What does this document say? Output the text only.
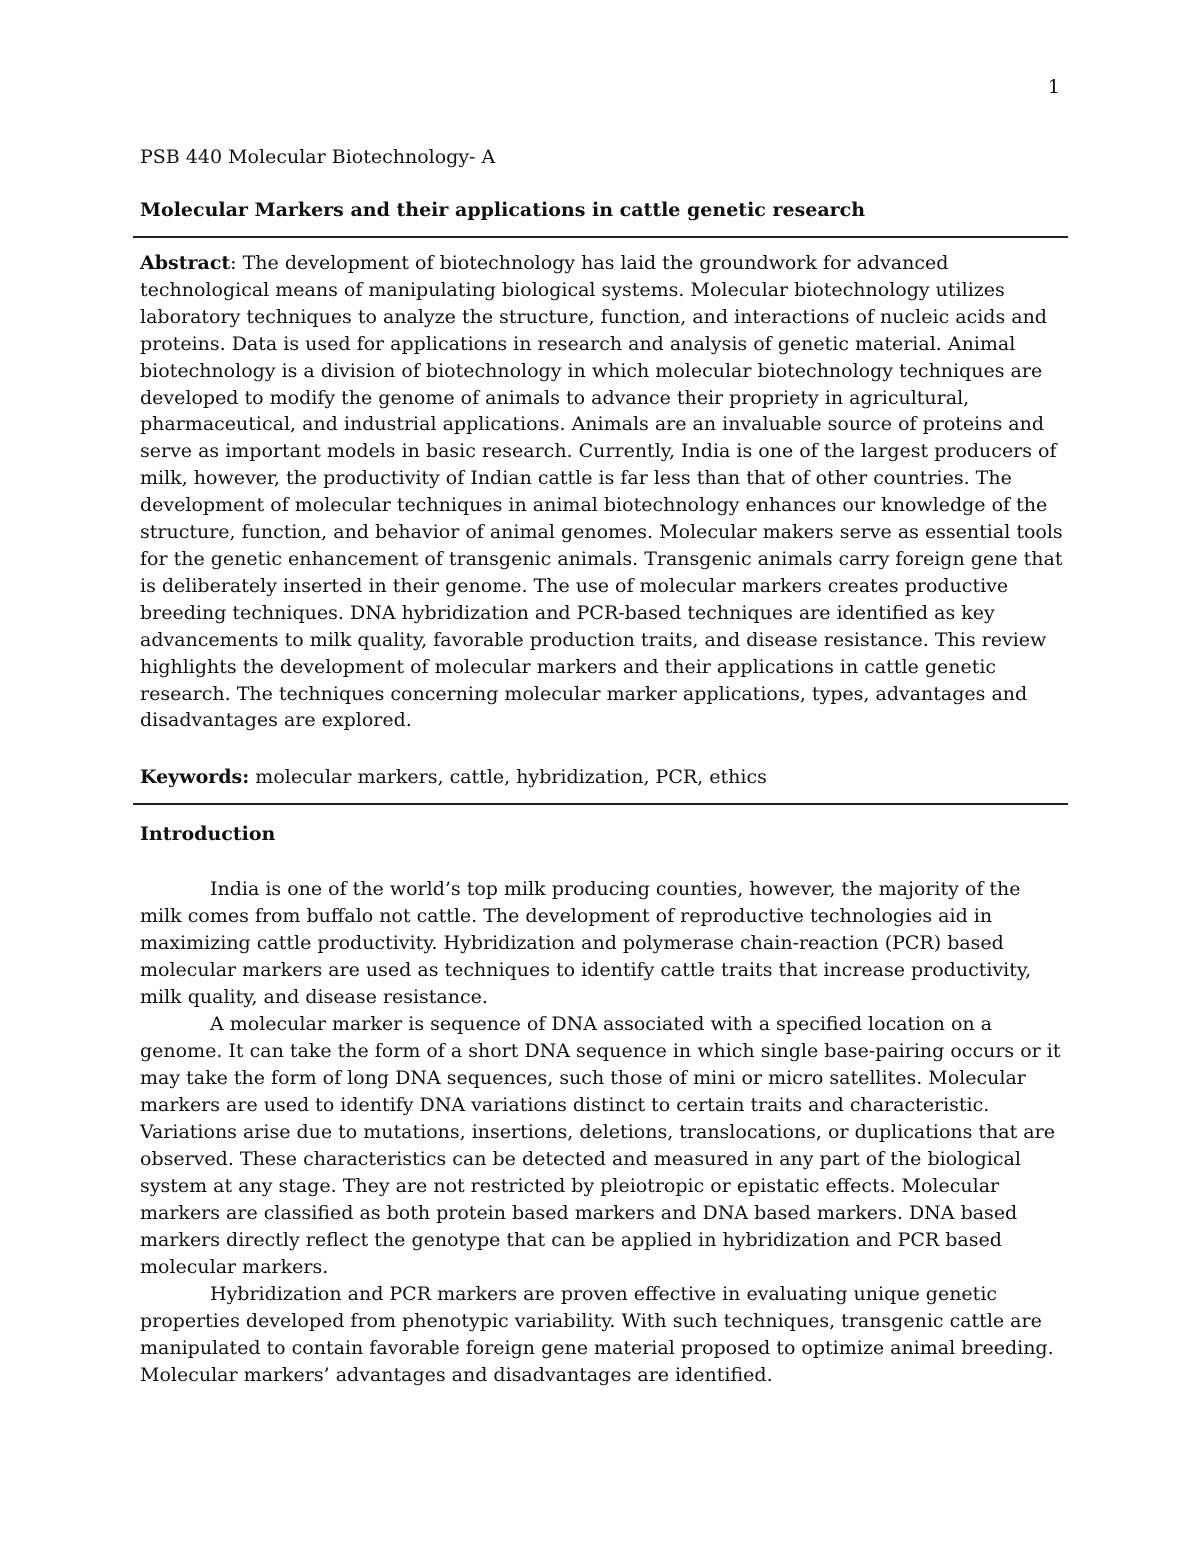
1
PSB 440 Molecular Biotechnology- A
Molecular Markers and their applications in cattle genetic research

Abstract: The development of biotechnology has laid the groundwork for advanced technological means of manipulating biological systems. Molecular biotechnology utilizes laboratory techniques to analyze the structure, function, and interactions of nucleic acids and proteins. Data is used for applications in research and analysis of genetic material. Animal biotechnology is a division of biotechnology in which molecular biotechnology techniques are developed to modify the genome of animals to advance their propriety in agricultural, pharmaceutical, and industrial applications. Animals are an invaluable source of proteins and serve as important models in basic research. Currently, India is one of the largest producers of milk, however, the productivity of Indian cattle is far less than that of other countries. The development of molecular techniques in animal biotechnology enhances our knowledge of the structure, function, and behavior of animal genomes. Molecular makers serve as essential tools for the genetic enhancement of transgenic animals. Transgenic animals carry foreign gene that is deliberately inserted in their genome. The use of molecular markers creates productive breeding techniques. DNA hybridization and PCR-based techniques are identified as key advancements to milk quality, favorable production traits, and disease resistance. This review highlights the development of molecular markers and their applications in cattle genetic research. The techniques concerning molecular marker applications, types, advantages and disadvantages are explored.

Keywords: molecular markers, cattle, hybridization, PCR, ethics

Introduction

India is one of the world’s top milk producing counties, however, the majority of the milk comes from buffalo not cattle. The development of reproductive technologies aid in maximizing cattle productivity. Hybridization and polymerase chain-reaction (PCR) based molecular markers are used as techniques to identify cattle traits that increase productivity, milk quality, and disease resistance.

A molecular marker is sequence of DNA associated with a specified location on a genome. It can take the form of a short DNA sequence in which single base-pairing occurs or it may take the form of long DNA sequences, such those of mini or micro satellites. Molecular markers are used to identify DNA variations distinct to certain traits and characteristic. Variations arise due to mutations, insertions, deletions, translocations, or duplications that are observed. These characteristics can be detected and measured in any part of the biological system at any stage. They are not restricted by pleiotropic or epistatic effects. Molecular markers are classified as both protein based markers and DNA based markers. DNA based markers directly reflect the genotype that can be applied in hybridization and PCR based molecular markers.

Hybridization and PCR markers are proven effective in evaluating unique genetic properties developed from phenotypic variability. With such techniques, transgenic cattle are manipulated to contain favorable foreign gene material proposed to optimize animal breeding. Molecular markers’ advantages and disadvantages are identified.
